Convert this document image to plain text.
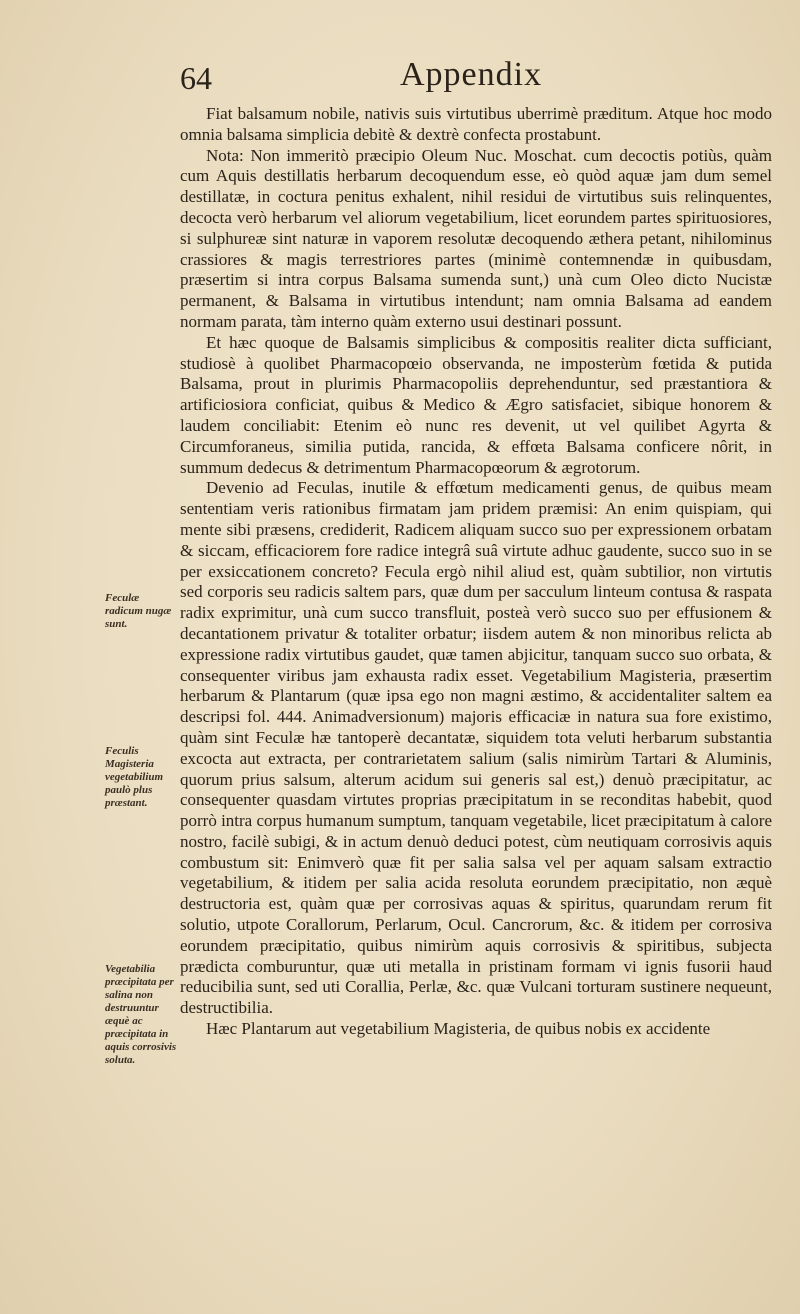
64	Appendix

Fiat balsamum nobile, nativis suis virtutibus uberrimè præditum. Atque hoc modo omnia balsama simplicia debitè & dextrè confecta prostabunt.

Nota: Non immeritò præcipio Oleum Nuc. Moschat. cum decoctis potiùs, quàm cum Aquis destillatis herbarum decoquendum esse, eò quòd aquæ jam dum semel destillatæ, in coctura penitus exhalent, nihil residui de virtutibus suis relinquentes, decocta verò herbarum vel aliorum vegetabilium, licet eorundem partes spirituosiores, si sulphureæ sint naturæ in vaporem resolutæ decoquendo æthera petant, nihilominus crassiores & magis terrestriores partes (minimè contemnendæ in quibusdam, præsertim si intra corpus Balsama sumenda sunt,) unà cum Oleo dicto Nucistæ permanent, & Balsama in virtutibus intendunt; nam omnia Balsama ad eandem normam parata, tàm interno quàm externo usui destinari possunt.

Et hæc quoque de Balsamis simplicibus & compositis realiter dicta sufficiant, studiosè à quolibet Pharmacopœio observanda, ne imposterùm fœtida & putida Balsama, prout in plurimis Pharmacopoliis deprehenduntur, sed præstantiora & artificiosiora conficiat, quibus & Medico & Ægro satisfaciet, sibique honorem & laudem conciliabit: Etenim eò nunc res devenit, ut vel quilibet Agyrta & Circumforaneus, similia putida, rancida, & effœta Balsama conficere nôrit, in summum dedecus & detrimentum Pharmacopœorum & ægrotorum.

Devenio ad Feculas, inutile & effœtum medicamenti genus, de quibus meam sententiam veris rationibus firmatam jam pridem præmisi: An enim quispiam, qui mente sibi præsens, crediderit, Radicem aliquam succo suo per expressionem orbatam & siccam, efficaciorem fore radice integrâ suâ virtute adhuc gaudente, succo suo in se per exsiccationem concreto? Fecula ergò nihil aliud est, quàm subtilior, non virtutis sed corporis seu radicis saltem pars, quæ dum per sacculum linteum contusa & raspata radix exprimitur, unà cum succo transfluit, posteà verò succo suo per effusionem & decantationem privatur & totaliter orbatur; iisdem autem & non minoribus relicta ab expressione radix virtutibus gaudet, quæ tamen abjicitur, tanquam succo suo orbata, & consequenter viribus jam exhausta radix esset. Vegetabilium Magisteria, præsertim herbarum & Plantarum (quæ ipsa ego non magni æstimo, & accidentaliter saltem ea descripsi fol. 444. Animadversionum) majoris efficaciæ in natura sua fore existimo, quàm sint Feculæ hæ tantoperè decantatæ, siquidem tota veluti herbarum substantia excocta aut extracta, per contrarietatem salium (salis nimirùm Tartari & Aluminis, quorum prius salsum, alterum acidum sui generis sal est,) denuò præcipitatur, ac consequenter quasdam virtutes proprias præcipitatum in se reconditas habebit, quod porrò intra corpus humanum sumptum, tanquam vegetabile, licet præcipitatum à calore nostro, facilè subigi, & in actum denuò deduci potest, cùm neutiquam corrosivis aquis combustum sit: Enimverò quæ fit per salia salsa vel per aquam salsam extractio vegetabilium, & itidem per salia acida resoluta eorundem præcipitatio, non æquè destructoria est, quàm quæ per corrosivas aquas & spiritus, quarundam rerum fit solutio, utpote Corallorum, Perlarum, Ocul. Cancrorum, &c. & itidem per corrosiva eorundem præcipitatio, quibus nimirùm aquis corrosivis & spiritibus, subjecta prædicta comburuntur, quæ uti metalla in pristinam formam vi ignis fusorii haud reducibilia sunt, sed uti Corallia, Perlæ, &c. quæ Vulcani torturam sustinere nequeunt, destructibilia.

Hæc Plantarum aut vegetabilium Magisteria, de quibus nobis ex accidente

Feculæ radicum nugæ sunt.
Feculis Magisteria vegetabilium paulò plus præstant.
Vegetabilia præcipitata per salina non destruuntur æquè ac præcipitata in aquis corrosivis soluta.
